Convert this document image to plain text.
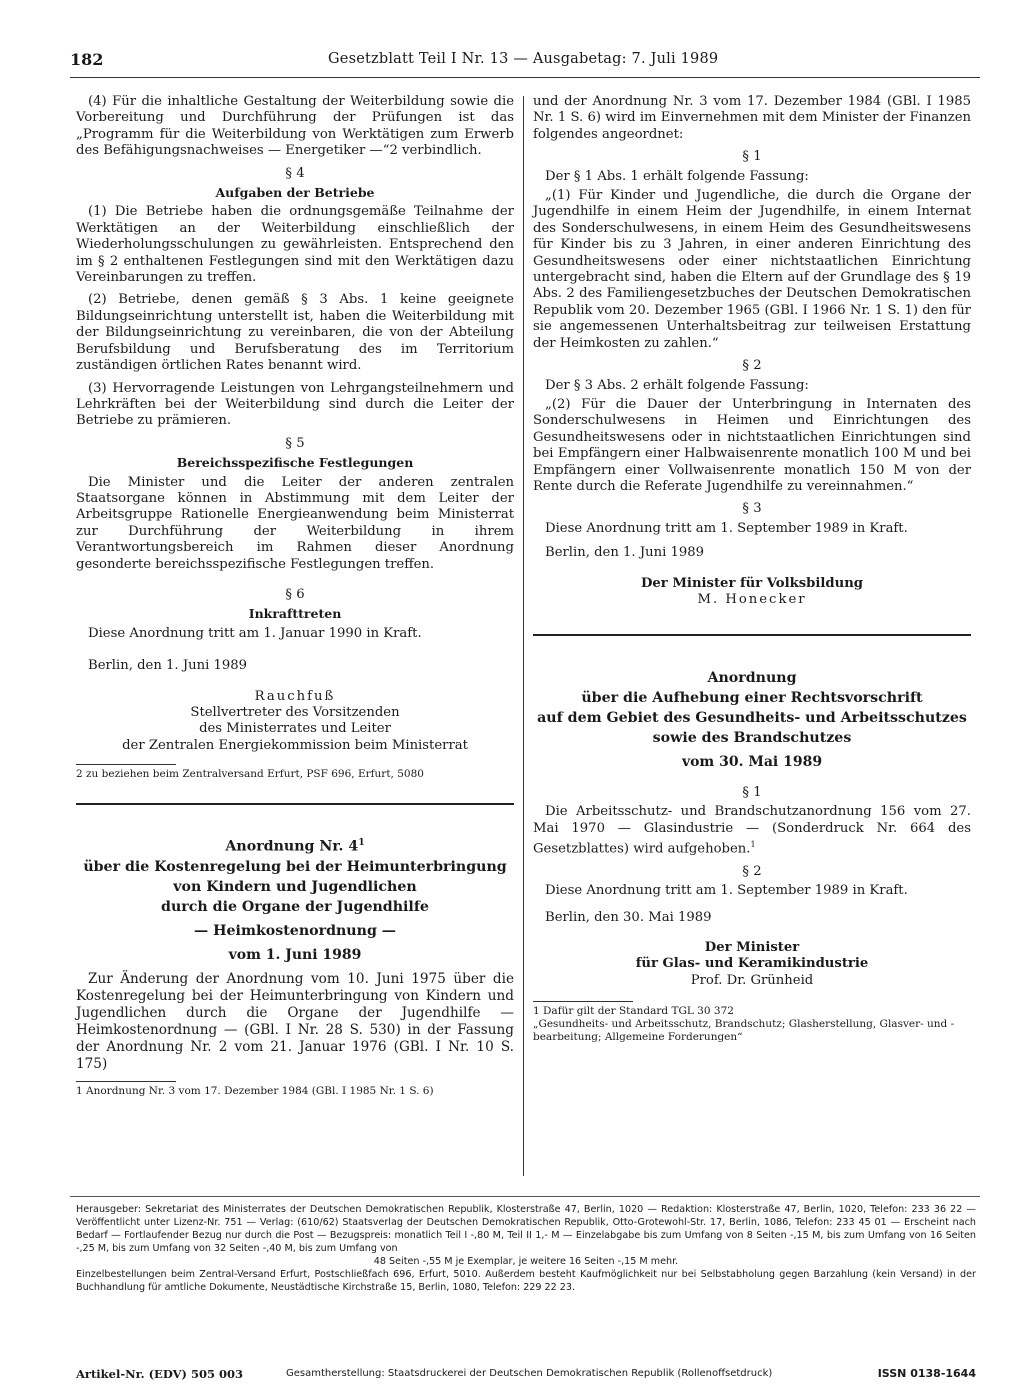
182	Gesetzblatt Teil I Nr. 13 — Ausgabetag: 7. Juli 1989

(4) Für die inhaltliche Gestaltung der Weiterbildung sowie die Vorbereitung und Durchführung der Prüfungen ist das „Programm für die Weiterbildung von Werktätigen zum Erwerb des Befähigungsnachweises — Energetiker —“2 verbindlich.

§ 4
Aufgaben der Betriebe

(1) Die Betriebe haben die ordnungsgemäße Teilnahme der Werktätigen an der Weiterbildung einschließlich der Wiederholungsschulungen zu gewährleisten. Entsprechend den im § 2 enthaltenen Festlegungen sind mit den Werktätigen dazu Vereinbarungen zu treffen.

(2) Betriebe, denen gemäß § 3 Abs. 1 keine geeignete Bildungseinrichtung unterstellt ist, haben die Weiterbildung mit der Bildungseinrichtung zu vereinbaren, die von der Abteilung Berufsbildung und Berufsberatung des im Territorium zuständigen örtlichen Rates benannt wird.

(3) Hervorragende Leistungen von Lehrgangsteilnehmern und Lehrkräften bei der Weiterbildung sind durch die Leiter der Betriebe zu prämieren.

§ 5
Bereichsspezifische Festlegungen

Die Minister und die Leiter der anderen zentralen Staatsorgane können in Abstimmung mit dem Leiter der Arbeitsgruppe Rationelle Energieanwendung beim Ministerrat zur Durchführung der Weiterbildung in ihrem Verantwortungsbereich im Rahmen dieser Anordnung gesonderte bereichsspezifische Festlegungen treffen.

§ 6
Inkrafttreten

Diese Anordnung tritt am 1. Januar 1990 in Kraft.

Berlin, den 1. Juni 1989

Rauchfuß
Stellvertreter des Vorsitzenden
des Ministerrates und Leiter
der Zentralen Energiekommission beim Ministerrat
2 zu beziehen beim Zentralversand Erfurt, PSF 696, Erfurt, 5080
Anordnung Nr. $4^1$
über die Kostenregelung bei der Heimunterbringung
von Kindern und Jugendlichen
durch die Organe der Jugendhilfe
— Heimkostenordnung —
vom 1. Juni 1989

Zur Änderung der Anordnung vom 10. Juni 1975 über die Kostenregelung bei der Heimunterbringung von Kindern und Jugendlichen durch die Organe der Jugendhilfe — Heimkostenordnung — (GBl. I Nr. 28 S. 530) in der Fassung der Anordnung Nr. 2 vom 21. Januar 1976 (GBl. I Nr. 10 S. 175)

1 Anordnung Nr. 3 vom 17. Dezember 1984 (GBl. I 1985 Nr. 1 S. 6)

und der Anordnung Nr. 3 vom 17. Dezember 1984 (GBl. I 1985 Nr. 1 S. 6) wird im Einvernehmen mit dem Minister der Finanzen folgendes angeordnet:

§ 1

Der § 1 Abs. 1 erhält folgende Fassung:

„(1) Für Kinder und Jugendliche, die durch die Organe der Jugendhilfe in einem Heim der Jugendhilfe, in einem Internat des Sonderschulwesens, in einem Heim des Gesundheitswesens für Kinder bis zu 3 Jahren, in einer anderen Einrichtung des Gesundheitswesens oder einer nichtstaatlichen Einrichtung untergebracht sind, haben die Eltern auf der Grundlage des § 19 Abs. 2 des Familiengesetzbuches der Deutschen Demokratischen Republik vom 20. Dezember 1965 (GBl. I 1966 Nr. 1 S. 1) den für sie angemessenen Unterhaltsbeitrag zur teilweisen Erstattung der Heimkosten zu zahlen.“

§ 2

Der § 3 Abs. 2 erhält folgende Fassung:

„(2) Für die Dauer der Unterbringung in Internaten des Sonderschulwesens in Heimen und Einrichtungen des Gesundheitswesens oder in nichtstaatlichen Einrichtungen sind bei Empfängern einer Halbwaisenrente monatlich 100 M und bei Empfängern einer Vollwaisenrente monatlich 150 M von der Rente durch die Referate Jugendhilfe zu vereinnahmen.“

§ 3

Diese Anordnung tritt am 1. September 1989 in Kraft.

Berlin, den 1. Juni 1989

Der Minister für Volksbildung
M. Honecker
Anordnung
über die Aufhebung einer Rechtsvorschrift
auf dem Gebiet des Gesundheits- und Arbeitsschutzes
sowie des Brandschutzes
vom 30. Mai 1989
§ 1

Die Arbeitsschutz- und Brandschutzanordnung 156 vom 27. Mai 1970 — Glasindustrie — (Sonderdruck Nr. 664 des Gesetzblattes) wird aufgehoben.$^1$

§ 2

Diese Anordnung tritt am 1. September 1989 in Kraft.

Berlin, den 30. Mai 1989

Der Minister
für Glas- und Keramikindustrie
Prof. Dr. Grünheid
1 Dafür gilt der Standard TGL 30 372
„Gesundheits- und Arbeitsschutz, Brandschutz; Glasherstellung, Glasver- und -bearbeitung; Allgemeine Forderungen“

Herausgeber: Sekretariat des Ministerrates der Deutschen Demokratischen Republik, Klosterstraße 47, Berlin, 1020 — Redaktion: Klosterstraße 47, Berlin, 1020, Telefon: 233 36 22 — Veröffentlicht unter Lizenz-Nr. 751 — Verlag: (610/62) Staatsverlag der Deutschen Demokratischen Republik, Otto-Grotewohl-Str. 17, Berlin, 1086, Telefon: 233 45 01 — Erscheint nach Bedarf — Fortlaufender Bezug nur durch die Post — Bezugspreis: monatlich Teil I -,80 M, Teil II 1,- M — Einzelabgabe bis zum Umfang von 8 Seiten -,15 M, bis zum Umfang von 16 Seiten -,25 M, bis zum Umfang von 32 Seiten -,40 M, bis zum Umfang von

48 Seiten -,55 M je Exemplar, je weitere 16 Seiten -,15 M mehr.

Einzelbestellungen beim Zentral-Versand Erfurt, Postschließfach 696, Erfurt, 5010. Außerdem besteht Kaufmöglichkeit nur bei Selbstabholung gegen Barzahlung (kein Versand) in der Buchhandlung für amtliche Dokumente, Neustädtische Kirchstraße 15, Berlin, 1080, Telefon: 229 22 23.

Artikel-Nr. (EDV) 505 003	Gesamtherstellung: Staatsdruckerei der Deutschen Demokratischen Republik (Rollenoffsetdruck)	ISSN 0138-1644
